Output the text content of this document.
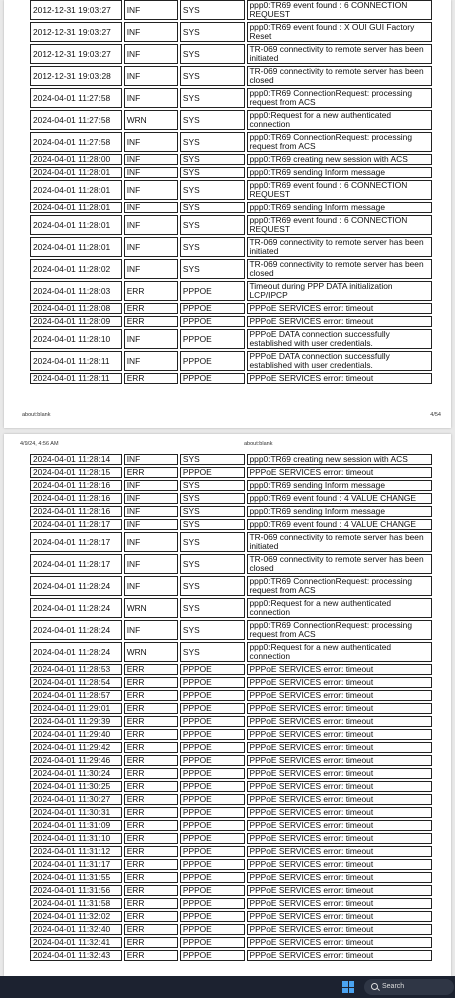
2012-12-31 19:03:27	INF	SYS	ppp0:TR69 event found : 6 CONNECTION REQUEST
2012-12-31 19:03:27	INF	SYS	ppp0:TR69 event found : X OUI GUI Factory Reset
2012-12-31 19:03:27	INF	SYS	TR-069 connectivity to remote server has been initiated
2012-12-31 19:03:28	INF	SYS	TR-069 connectivity to remote server has been closed
2024-04-01 11:27:58	INF	SYS	ppp0:TR69 ConnectionRequest: processing request from ACS
2024-04-01 11:27:58	WRN	SYS	ppp0:Request for a new authenticated connection
2024-04-01 11:27:58	INF	SYS	ppp0:TR69 ConnectionRequest: processing request from ACS
2024-04-01 11:28:00	INF	SYS	ppp0:TR69 creating new session with ACS
2024-04-01 11:28:01	INF	SYS	ppp0:TR69 sending Inform message
2024-04-01 11:28:01	INF	SYS	ppp0:TR69 event found : 6 CONNECTION REQUEST
2024-04-01 11:28:01	INF	SYS	ppp0:TR69 sending Inform message
2024-04-01 11:28:01	INF	SYS	ppp0:TR69 event found : 6 CONNECTION REQUEST
2024-04-01 11:28:01	INF	SYS	TR-069 connectivity to remote server has been initiated
2024-04-01 11:28:02	INF	SYS	TR-069 connectivity to remote server has been closed
2024-04-01 11:28:03	ERR	PPPOE	Timeout during PPP DATA initialization LCP/IPCP
2024-04-01 11:28:08	ERR	PPPOE	PPPoE SERVICES error: timeout
2024-04-01 11:28:09	ERR	PPPOE	PPPoE SERVICES error: timeout
2024-04-01 11:28:10	INF	PPPOE	PPPoE DATA connection successfully established with user credentials.
2024-04-01 11:28:11	INF	PPPOE	PPPoE DATA connection successfully established with user credentials.
2024-04-01 11:28:11	ERR	PPPOE	PPPoE SERVICES error: timeout
about:blank	4/54
4/9/24, 4:56 AM	about:blank
2024-04-01 11:28:14	INF	SYS	ppp0:TR69 creating new session with ACS
2024-04-01 11:28:15	ERR	PPPOE	PPPoE SERVICES error: timeout
2024-04-01 11:28:16	INF	SYS	ppp0:TR69 sending Inform message
2024-04-01 11:28:16	INF	SYS	ppp0:TR69 event found : 4 VALUE CHANGE
2024-04-01 11:28:16	INF	SYS	ppp0:TR69 sending Inform message
2024-04-01 11:28:17	INF	SYS	ppp0:TR69 event found : 4 VALUE CHANGE
2024-04-01 11:28:17	INF	SYS	TR-069 connectivity to remote server has been initiated
2024-04-01 11:28:17	INF	SYS	TR-069 connectivity to remote server has been closed
2024-04-01 11:28:24	INF	SYS	ppp0:TR69 ConnectionRequest: processing request from ACS
2024-04-01 11:28:24	WRN	SYS	ppp0:Request for a new authenticated connection
2024-04-01 11:28:24	INF	SYS	ppp0:TR69 ConnectionRequest: processing request from ACS
2024-04-01 11:28:24	WRN	SYS	ppp0:Request for a new authenticated connection
2024-04-01 11:28:53	ERR	PPPOE	PPPoE SERVICES error: timeout
2024-04-01 11:28:54	ERR	PPPOE	PPPoE SERVICES error: timeout
2024-04-01 11:28:57	ERR	PPPOE	PPPoE SERVICES error: timeout
2024-04-01 11:29:01	ERR	PPPOE	PPPoE SERVICES error: timeout
2024-04-01 11:29:39	ERR	PPPOE	PPPoE SERVICES error: timeout
2024-04-01 11:29:40	ERR	PPPOE	PPPoE SERVICES error: timeout
2024-04-01 11:29:42	ERR	PPPOE	PPPoE SERVICES error: timeout
2024-04-01 11:29:46	ERR	PPPOE	PPPoE SERVICES error: timeout
2024-04-01 11:30:24	ERR	PPPOE	PPPoE SERVICES error: timeout
2024-04-01 11:30:25	ERR	PPPOE	PPPoE SERVICES error: timeout
2024-04-01 11:30:27	ERR	PPPOE	PPPoE SERVICES error: timeout
2024-04-01 11:30:31	ERR	PPPOE	PPPoE SERVICES error: timeout
2024-04-01 11:31:09	ERR	PPPOE	PPPoE SERVICES error: timeout
2024-04-01 11:31:10	ERR	PPPOE	PPPoE SERVICES error: timeout
2024-04-01 11:31:12	ERR	PPPOE	PPPoE SERVICES error: timeout
2024-04-01 11:31:17	ERR	PPPOE	PPPoE SERVICES error: timeout
2024-04-01 11:31:55	ERR	PPPOE	PPPoE SERVICES error: timeout
2024-04-01 11:31:56	ERR	PPPOE	PPPoE SERVICES error: timeout
2024-04-01 11:31:58	ERR	PPPOE	PPPoE SERVICES error: timeout
2024-04-01 11:32:02	ERR	PPPOE	PPPoE SERVICES error: timeout
2024-04-01 11:32:40	ERR	PPPOE	PPPoE SERVICES error: timeout
2024-04-01 11:32:41	ERR	PPPOE	PPPoE SERVICES error: timeout
2024-04-01 11:32:43	ERR	PPPOE	PPPoE SERVICES error: timeout
Search
